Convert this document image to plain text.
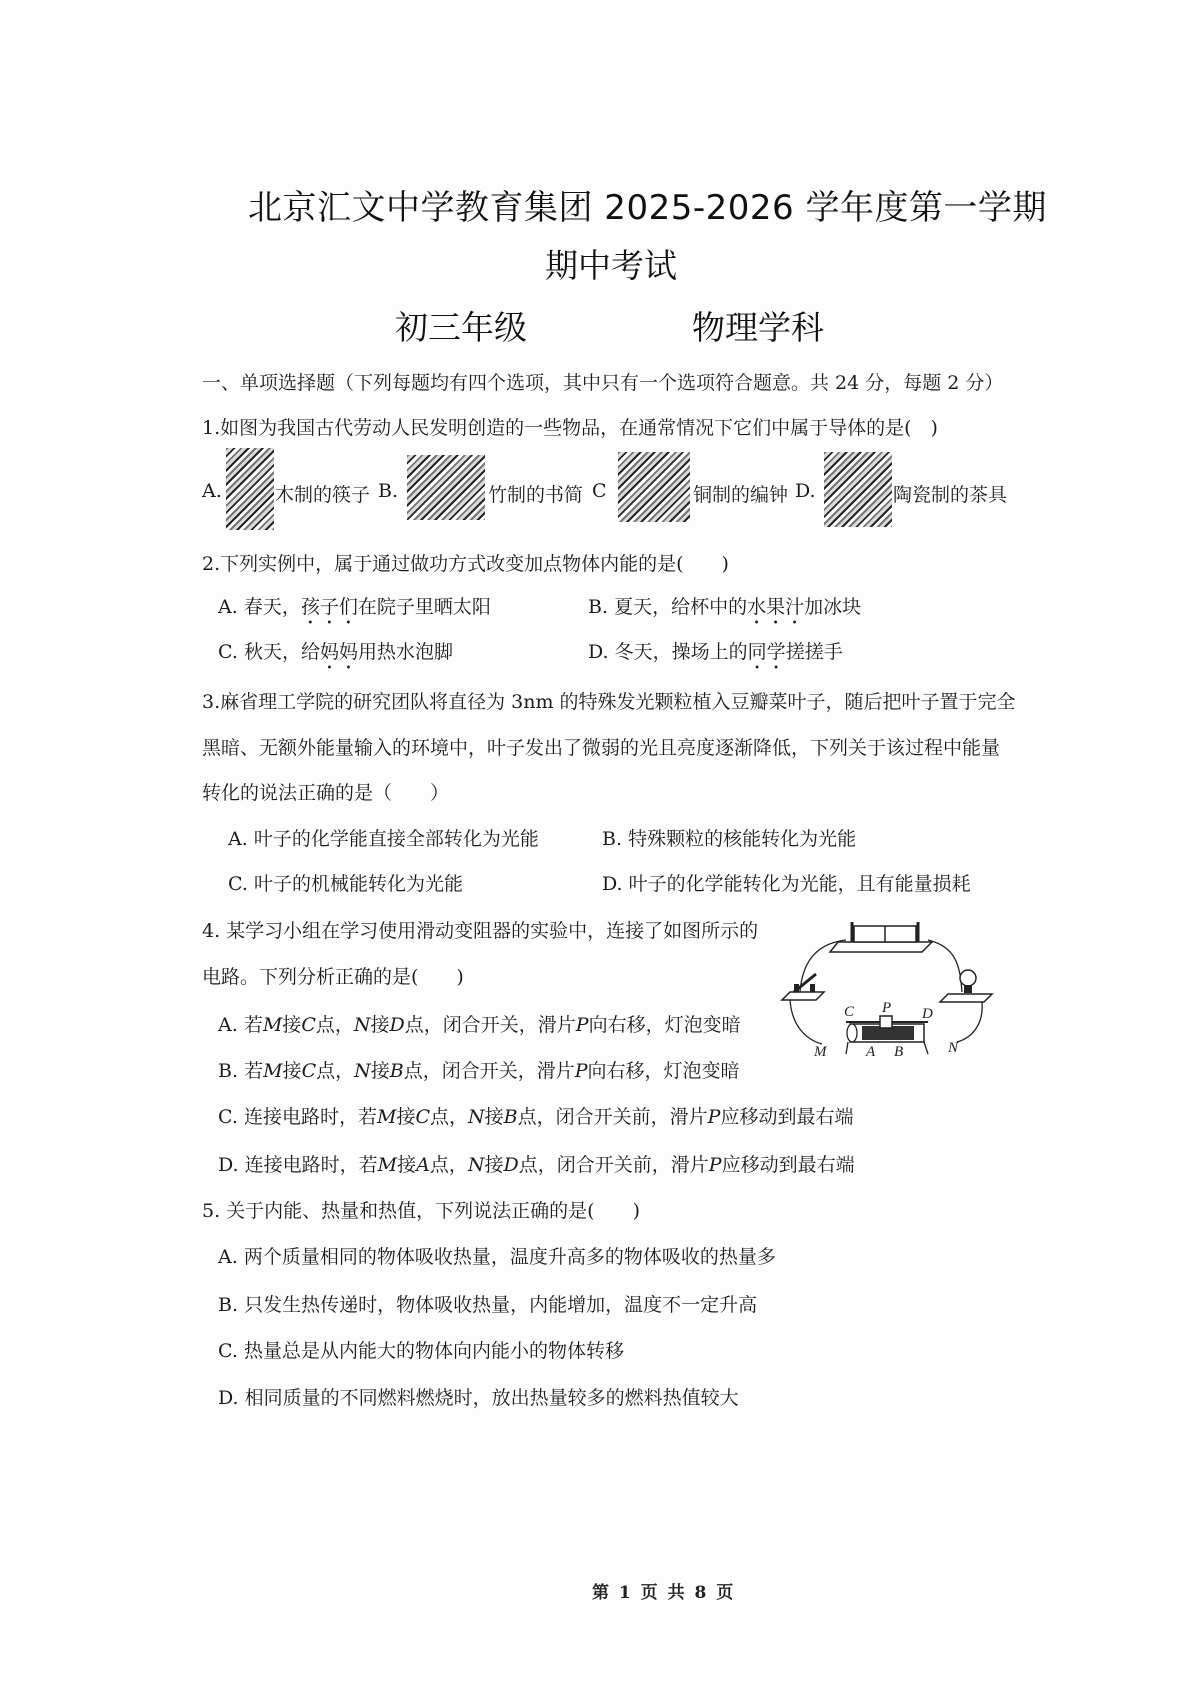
北京汇文中学教育集团 2025-2026 学年度第一学期
期中考试
初三年级	物理学科
一、单项选择题（下列每题均有四个选项，其中只有一个选项符合题意。共 24 分，每题 2 分）
1.如图为我国古代劳动人民发明创造的一些物品，在通常情况下它们中属于导体的是(　)
A.	木制的筷子 B.	竹制的书简 C	铜制的编钟 D.	陶瓷制的茶具
2.下列实例中，属于通过做功方式改变加点物体内能的是(　　)
A. 春天，孩子们在院子里晒太阳	B. 夏天，给杯中的水果汁加冰块
C. 秋天，给妈妈用热水泡脚	D. 冬天，操场上的同学搓搓手
3.麻省理工学院的研究团队将直径为 3nm 的特殊发光颗粒植入豆瓣菜叶子，随后把叶子置于完全
黑暗、无额外能量输入的环境中，叶子发出了微弱的光且亮度逐渐降低，下列关于该过程中能量
转化的说法正确的是（　　）
A. 叶子的化学能直接全部转化为光能	B. 特殊颗粒的核能转化为光能
C. 叶子的机械能转化为光能	D. 叶子的化学能转化为光能，且有能量损耗
4. 某学习小组在学习使用滑动变阻器的实验中，连接了如图所示的
电路。下列分析正确的是(　　)
C P D
M	A B	N
A. 若M接C点，N接D点，闭合开关，滑片P向右移，灯泡变暗
B. 若M接C点，N接B点，闭合开关，滑片P向右移，灯泡变暗
C. 连接电路时，若M接C点，N接B点，闭合开关前，滑片P应移动到最右端
D. 连接电路时，若M接A点，N接D点，闭合开关前，滑片P应移动到最右端
5. 关于内能、热量和热值，下列说法正确的是(　　)
A. 两个质量相同的物体吸收热量，温度升高多的物体吸收的热量多
B. 只发生热传递时，物体吸收热量，内能增加，温度不一定升高
C. 热量总是从内能大的物体向内能小的物体转移
D. 相同质量的不同燃料燃烧时，放出热量较多的燃料热值较大
第 1 页 共 8 页
